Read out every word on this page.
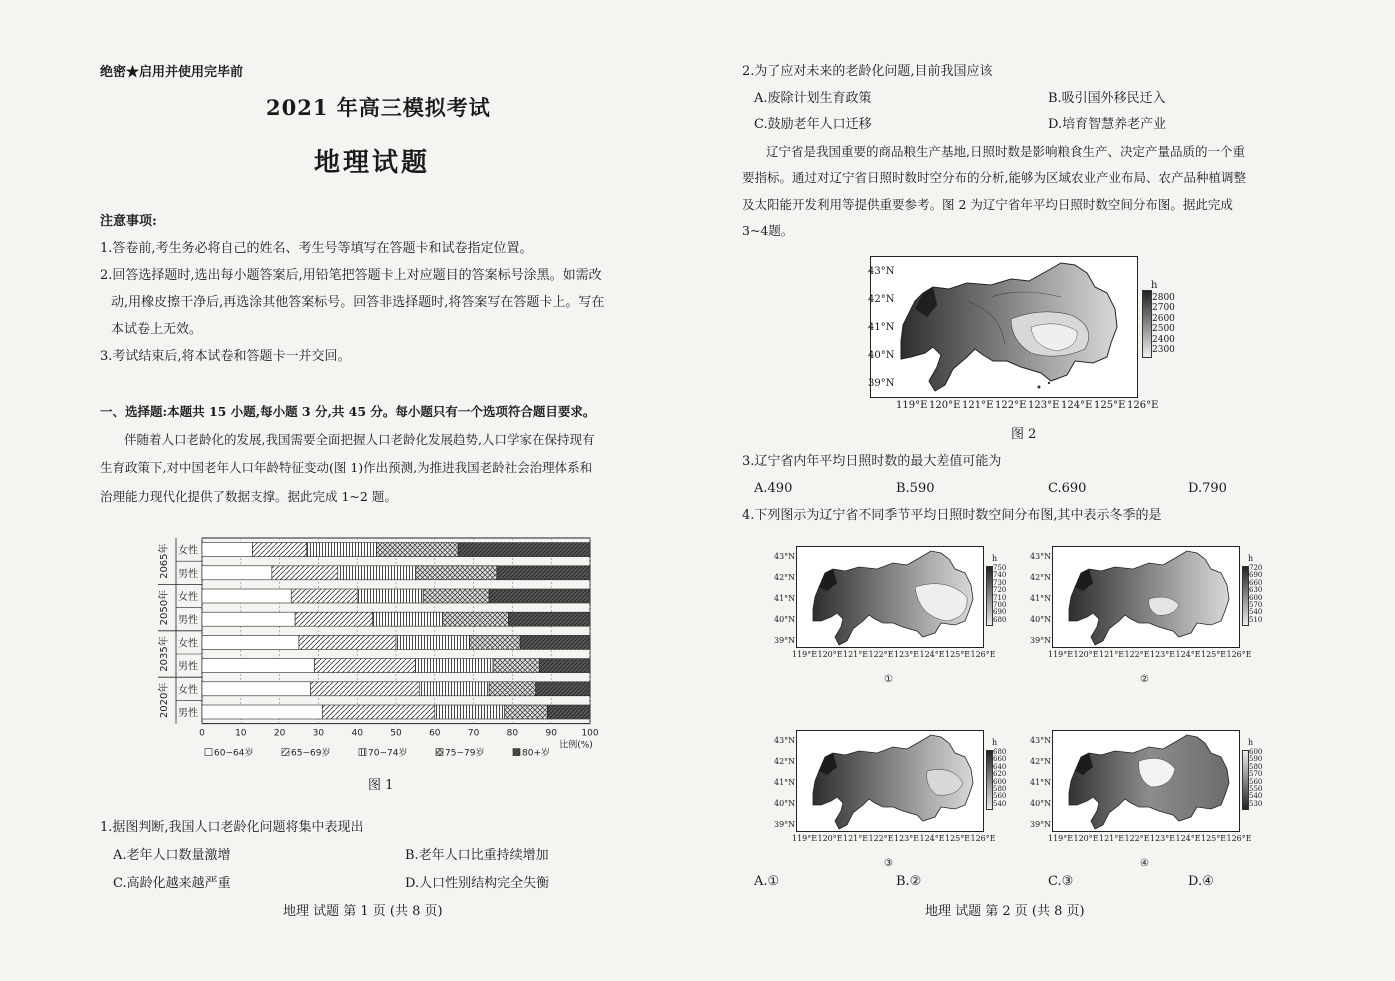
绝密★启用并使用完毕前
2021 年高三模拟考试
地理试题
注意事项:
1.答卷前,考生务必将自己的姓名、考生号等填写在答题卡和试卷指定位置。
2.回答选择题时,选出每小题答案后,用铅笔把答题卡上对应题目的答案标号涂黑。如需改
动,用橡皮擦干净后,再选涂其他答案标号。回答非选择题时,将答案写在答题卡上。写在
本试卷上无效。
3.考试结束后,将本试卷和答题卡一并交回。
一、选择题:本题共 15 小题,每小题 3 分,共 45 分。每小题只有一个选项符合题目要求。
伴随着人口老龄化的发展,我国需要全面把握人口老龄化发展趋势,人口学家在保持现有
生育政策下,对中国老年人口年龄特征变动(图 1)作出预测,为推进我国老龄社会治理体系和
治理能力现代化提供了数据支撑。据此完成 1~2 题。
0	10	20	30	40	50	60	70	80	90	100
女性
男性
女性
男性
女性
男性
女性
男性
2065年
2050年
2035年
2020年
比例(%)
60~64岁	65~69岁	70~74岁	75~79岁	80+岁
图 1
1.据图判断,我国人口老龄化问题将集中表现出
A.老年人口数量激增	B.老年人口比重持续增加
C.高龄化越来越严重	D.人口性别结构完全失衡
地理 试题 第 1 页 (共 8 页)
2.为了应对未来的老龄化问题,目前我国应该
A.废除计划生育政策	B.吸引国外移民迁入
C.鼓励老年人口迁移	D.培育智慧养老产业
辽宁省是我国重要的商品粮生产基地,日照时数是影响粮食生产、决定产量品质的一个重
要指标。通过对辽宁省日照时数时空分布的分析,能够为区域农业产业布局、农产品种植调整
及太阳能开发利用等提供重要参考。图 2 为辽宁省年平均日照时数空间分布图。据此完成
3~4题。
43°N
42°N
41°N
40°N
39°N
119°E 120°E 121°E 122°E 123°E 124°E 125°E 126°E
h
2800
2700
2600
2500
2400
2300
图 2
3.辽宁省内年平均日照时数的最大差值可能为
A.490	B.590	C.690	D.790
4.下列图示为辽宁省不同季节平均日照时数空间分布图,其中表示冬季的是
43°N
42°N
41°N
40°N
39°N
119°E 120°E 121°E 122°E 123°E 124°E 125°E 126°E
h
750
740
730
720
710
700
690
680
①
43°N
42°N
41°N
40°N
39°N
119°E 120°E 121°E 122°E 123°E 124°E 125°E 126°E
h
720
690
660
630
600
570
540
510
②
43°N
42°N
41°N
40°N
39°N
119°E 120°E 121°E 122°E 123°E 124°E 125°E 126°E
h
680
660
640
620
600
580
560
540
③
43°N
42°N
41°N
40°N
39°N
119°E 120°E 121°E 122°E 123°E 124°E 125°E 126°E
h
600
590
580
570
560
550
540
530
④
A.①	B.②	C.③	D.④
地理 试题 第 2 页 (共 8 页)
